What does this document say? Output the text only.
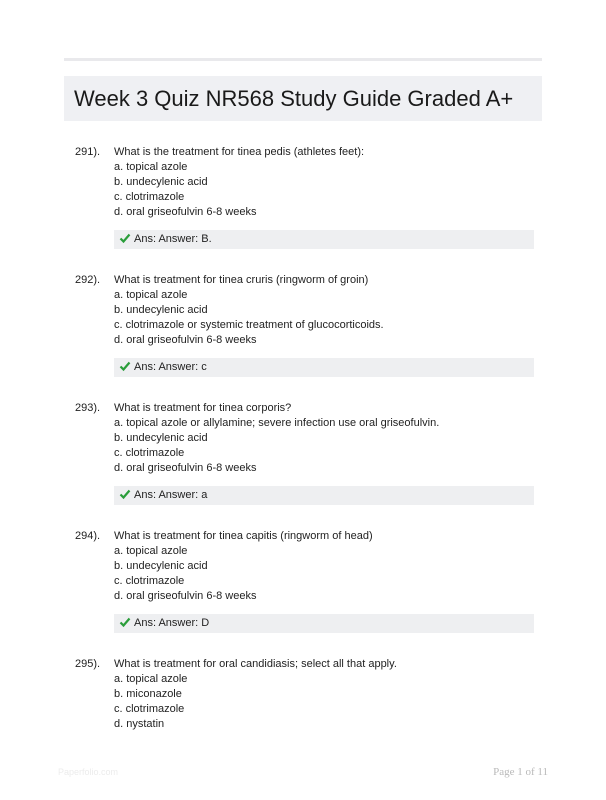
Week 3 Quiz NR568 Study Guide Graded A+
291). What is the treatment for tinea pedis (athletes feet):
a. topical azole
b. undecylenic acid
c. clotrimazole
d. oral griseofulvin 6-8 weeks
Ans: Answer: B.
292). What is treatment for tinea cruris (ringworm of groin)
a. topical azole
b. undecylenic acid
c. clotrimazole or systemic treatment of glucocorticoids.
d. oral griseofulvin 6-8 weeks
Ans: Answer: c
293). What is treatment for tinea corporis?
a. topical azole or allylamine; severe infection use oral griseofulvin.
b. undecylenic acid
c. clotrimazole
d. oral griseofulvin 6-8 weeks
Ans: Answer: a
294). What is treatment for tinea capitis (ringworm of head)
a. topical azole
b. undecylenic acid
c. clotrimazole
d. oral griseofulvin 6-8 weeks
Ans: Answer: D
295). What is treatment for oral candidiasis; select all that apply.
a. topical azole
b. miconazole
c. clotrimazole
d. nystatin
Paperfolio.com	Page 1 of 11
